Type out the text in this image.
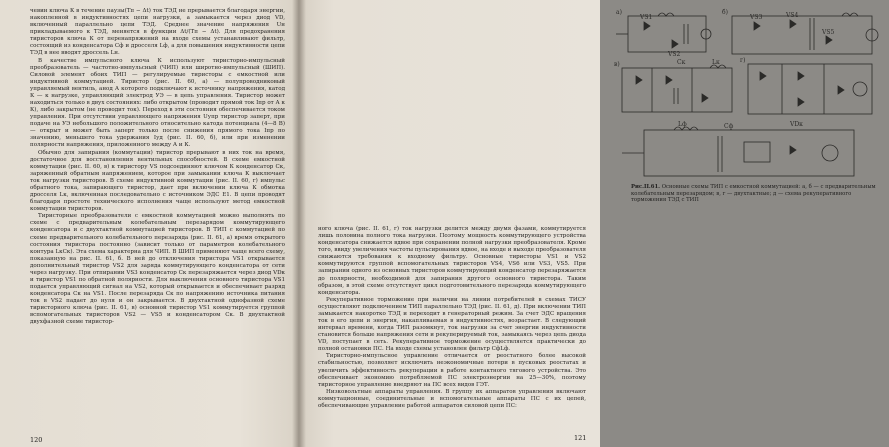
чевин ключа К в течение паузы(Tп − Δt) ток ТЭД не прерывается благодаря энергии, накопленной в индуктивностях цепи нагрузки, а замыкается через диод VD, включенный параллельно цепи ТЭД. Среднее значение напряжения Uн прикладываемого к ТЭД, меняется в функции Δt/(Tп − Δt). Для предохранения тиристоров ключа К от перенапряжений на входе схемы устанавливают фильтр, состоящий из конденсатора Cф и дросселя Lф, а для повышения индуктивности цепи ТЭД в нее вводят дроссель Lн.

В качестве импульсного ключа К используют тиристорно-импульсный преобразователь — частотно-импульсный (ЧИП) или широтно-импульсный (ШИП). Силовой элемент обоих ТИП — регулируемые тиристоры с емкостной или индуктивной коммутацией. Тиристор (рис. II. 60, а) — полупроводниковый управляемый вентиль, анод А которого подключают к источнику напряжения, катод К — к нагрузке, управляющий электрод УЭ — в цепь управления. Тиристор может находиться только в двух состояниях: либо открытом (проводит прямой ток Iпр от А к К), либо закрытом (не проводит ток). Переход в эти состояния обеспечивается током управления. При отсутствии управляющего напряжения Uупр тиристор заперт, при подаче на УЭ небольшого положительного относительно катода потенциала (4—8 В) — открыт и может быть заперт только после снижения прямого тока Iпр по значению, меньшего тока удержания Iуд (рис. II. 60, б), или при изменении полярности напряжения, приложенного между А и К.

Обычно для запирания (коммутации) тиристор прерывают в них ток на время, достаточное для восстановления вентильных способностей. В схеме емкостной коммутации (рис. II. 60, в) к тиристору VS подсоединяют ключом К конденсатор Cк, заряженный обратным напряжением, которое при замыкании ключа К выключает ток нагрузки тиристоров. В схеме индуктивной коммутации (рис. II. 60, г) импульс обратного тока, запирающего тиристор, дает при включении ключа К обмотка дросселя Lк, включенная последовательно с источником ЭДС E1. В цепи проводят благодаря простоте технического исполнения чаще используют метод емкостной коммутации тиристоров.

Тиристорные преобразователи с емкостной коммутацией можно выполнять по схеме с предварительным колебательным перезарядом коммутирующего конденсатора и с двухтактной коммутацией тиристоров. В ТИП с коммутацией по схеме предварительного колебательного перезаряда (рис. II. 61, а) время открытого состояния тиристора постоянно (зависит только от параметров колебательного контура LкCк). Эта схема характерна для ЧИП. В ШИП применяют чаще всего схему, показанную на рис. II. 61, б. В ней до отключения тиристора VS1 открывается дополнительный тиристор VS2 для заряда коммутирующего конденсатора от сети через нагрузку. При отпирании VS3 конденсатор Cк перезаряжается через диод VDк и тиристор VS1 по обратной полярности. Для выключения основного тиристора VS1 подается управляющий сигнал на VS2, который открывается и обеспечивает разряд конденсатора Cк на VS1. После перезаряда Cк по напряжению источника питания ток в VS2 падает до нуля и он закрывается. В двухтактной однофазной схеме тиристорного ключа (рис. II. 61, в) основной тиристор VS1 коммутируется группой вспомогательных тиристоров VS2 — VS5 и конденсатором Cк. В двухтактной двухфазной схеме тиристор-

120
а)	б)
в)
г)
VS1
VS2
VS3	VS4
VS5
Cк	Lк
Lф	Cф	VDк
Рис.II.61. Основные схемы ТИП с емкостной коммутацией: а, б — с предварительным колебательным перезарядом; в, г — двухтактные; д — схема рекуперативного торможения ТЭД с ТИП

ного ключа (рис. II. 61, г) ток нагрузки делится между двумя фазами, коммутируется лишь половина полного тока нагрузки. Поэтому мощность коммутирующего устройства конденсатора снижается вдвое при сохранении полной нагрузки преобразователя. Кроме того, ввиду увеличения частоты пульсирования вдвое, на входе и выходе преобразователя снижаются требования к входному фильтру. Основные тиристоры VS1 и VS2 коммутируются группой вспомогательных тиристоров VS4, VS6 или VS3, VS5. При запирании одного из основных тиристоров коммутирующий конденсатор перезаряжается до полярности, необходимой для запирания другого основного тиристора. Таким образом, в этой схеме отсутствует цикл подготовительного перезаряда коммутирующего конденсатора.

Рекуперативное торможение при наличии на линии потребителей в схемах ТИСУ осуществляют подключением ТИП параллельно ТЭД (рис. II. 61, д). При включении ТИП замыкается накоротко ТЭД и переходит в генераторный режим. За счет ЭДС вращения ток в его цепи и энергия, накапливаемая в индуктивностях, возрастает. В следующий интервал времени, когда ТИП разомкнут, ток нагрузки за счет энергии индуктивности становится больше напряжения сети и рекуперируемый ток, замыкаясь через цепь диода VD, поступает в сеть. Рекуперативное торможение осуществляется практически до полной остановки ПС. На входе схемы установлен фильтр CфLф.

Тиристорно-импульсное управление отличается от реостатного более высокой стабильностью, позволяет исключить неэкономичные потери в пусковых реостатах и увеличить эффективность рекуперации в работе контактного тягового устройства. Это обеспечивает экономию потребляемой ПС электроэнергии на 25—30%, поэтому тиристорное управление внедряют на ПС всех видов ГЭТ.

Низковольтные аппараты управления. В группу их аппаратов управления включают коммутационные, соединительные и вспомогательные аппараты ПС с их цепей, обеспечивающие управление работой аппаратов силовой цепи ПС:

121
